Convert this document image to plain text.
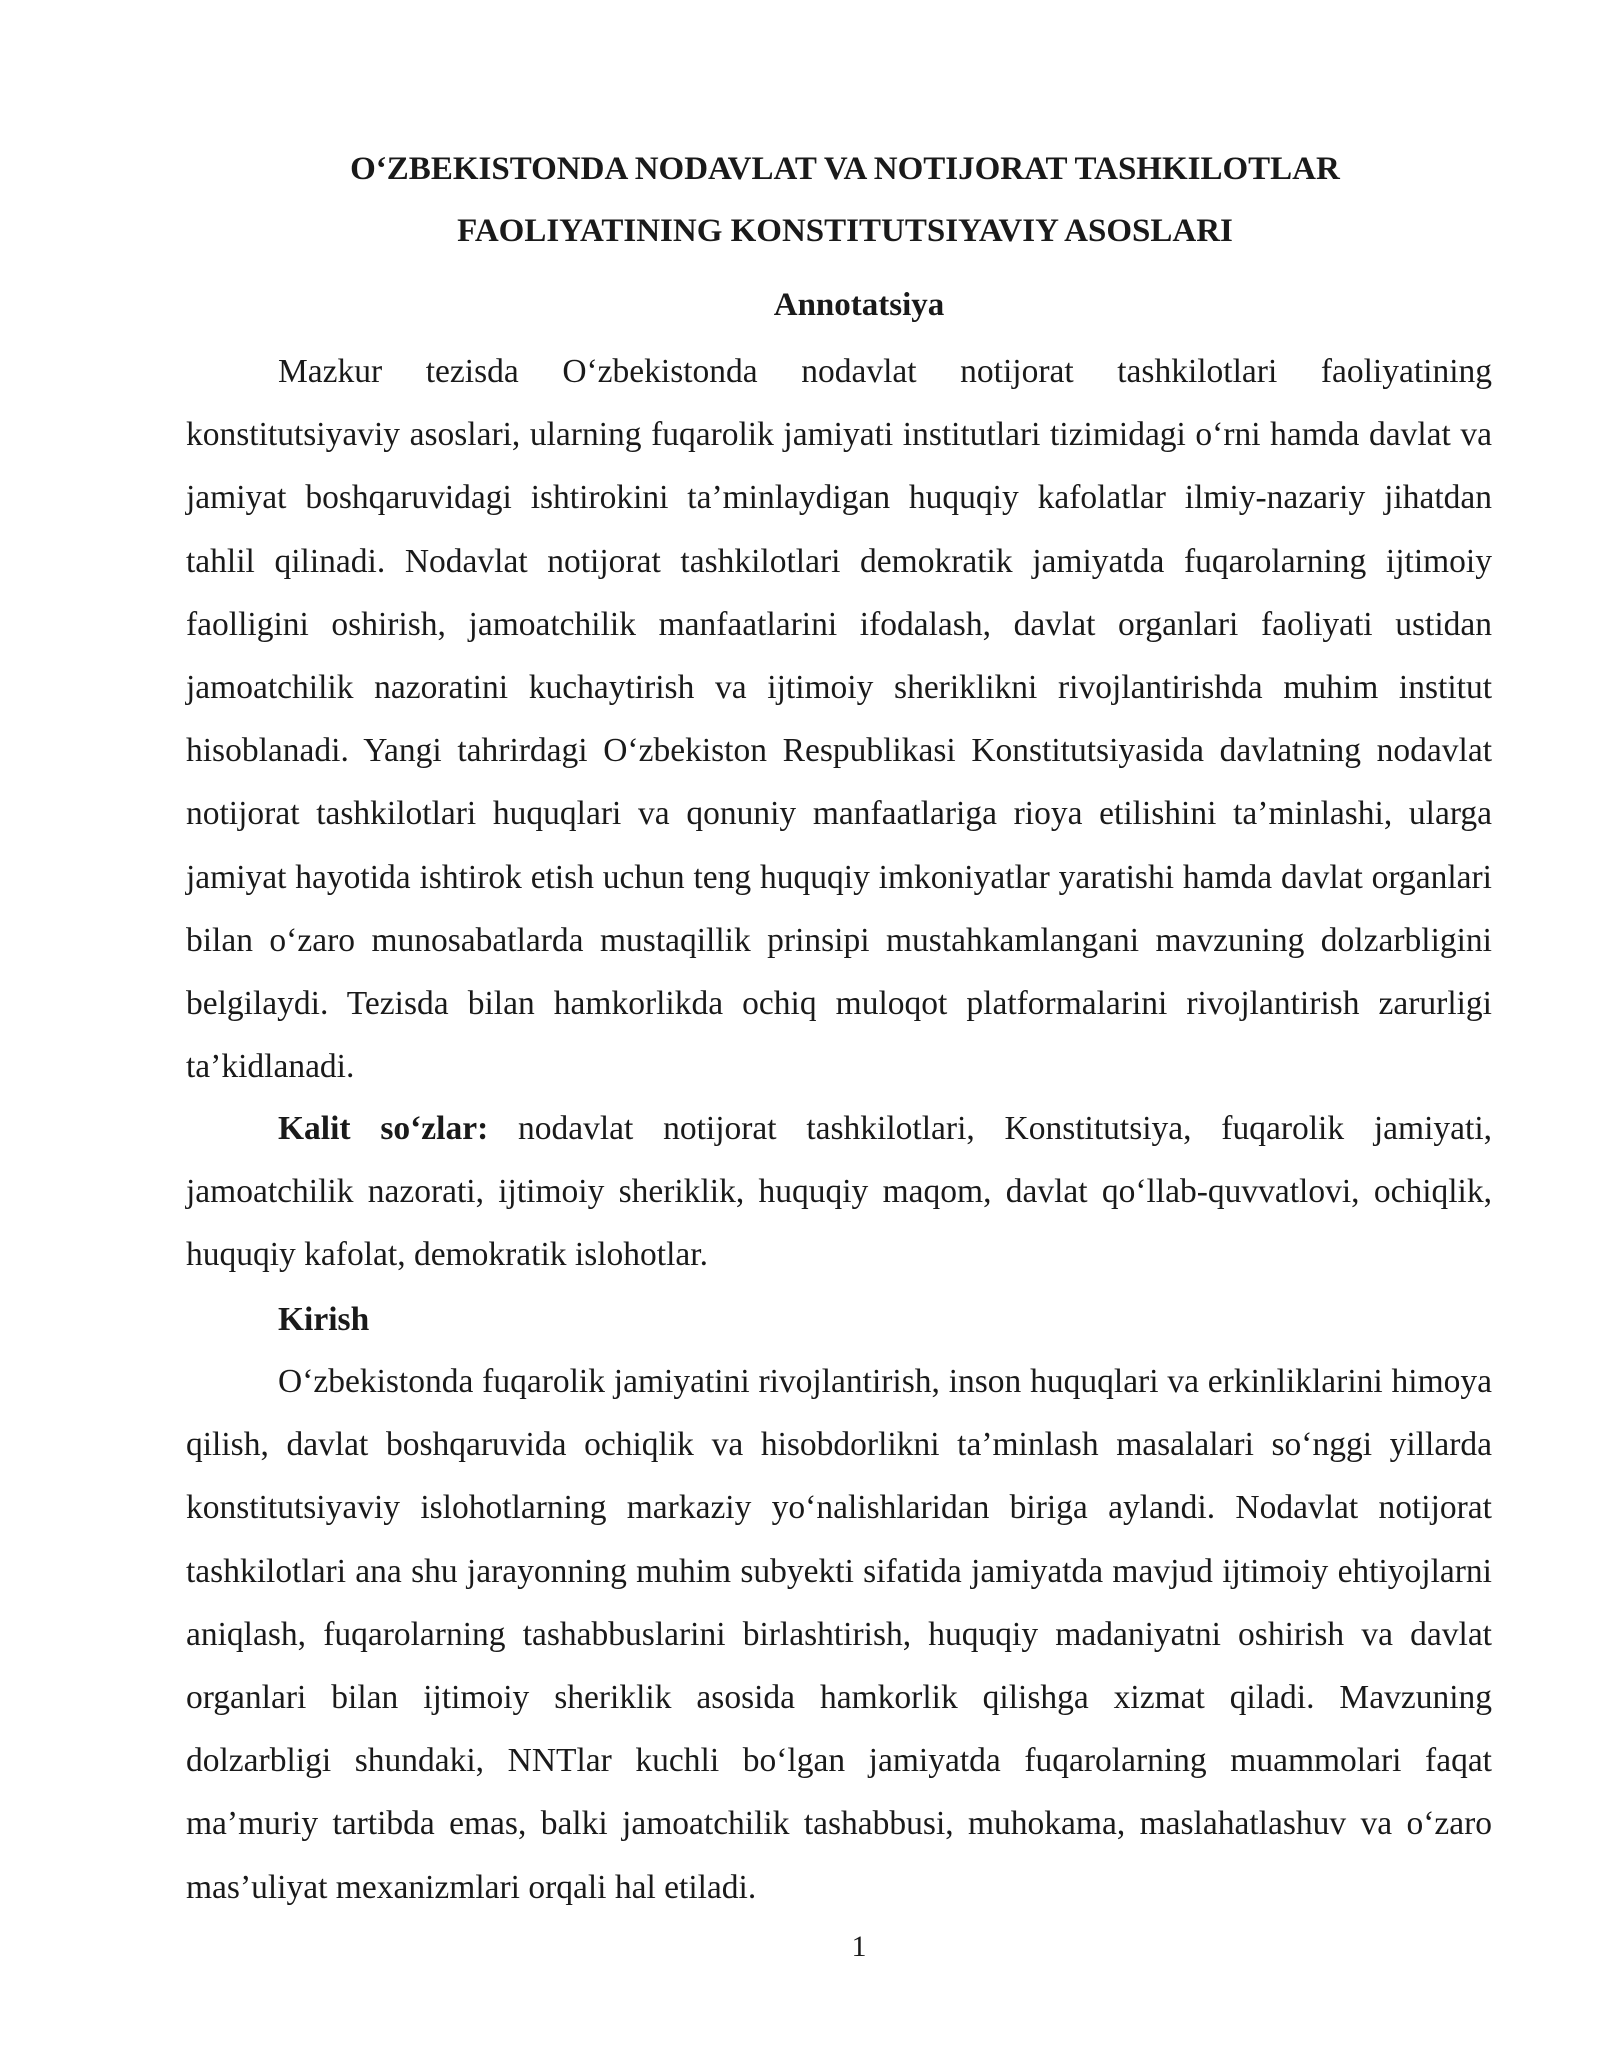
O‘ZBEKISTONDA NODAVLAT VA NOTIJORAT TASHKILOTLAR
FAOLIYATINING KONSTITUTSIYAVIY ASOSLARI
Annotatsiya

Mazkur tezisda O‘zbekistonda nodavlat notijorat tashkilotlari faoliyatining konstitutsiyaviy asoslari, ularning fuqarolik jamiyati institutlari tizimidagi o‘rni hamda davlat va jamiyat boshqaruvidagi ishtirokini ta’minlaydigan huquqiy kafolatlar ilmiy-nazariy jihatdan tahlil qilinadi. Nodavlat notijorat tashkilotlari demokratik jamiyatda fuqarolarning ijtimoiy faolligini oshirish, jamoatchilik manfaatlarini ifodalash, davlat organlari faoliyati ustidan jamoatchilik nazoratini kuchaytirish va ijtimoiy sheriklikni rivojlantirishda muhim institut hisoblanadi. Yangi tahrirdagi O‘zbekiston Respublikasi Konstitutsiyasida davlatning nodavlat notijorat tashkilotlari huquqlari va qonuniy manfaatlariga rioya etilishini ta’minlashi, ularga jamiyat hayotida ishtirok etish uchun teng huquqiy imkoniyatlar yaratishi hamda davlat organlari bilan o‘zaro munosabatlarda mustaqillik prinsipi mustahkamlangani mavzuning dolzarbligini belgilaydi. Tezisda bilan hamkorlikda ochiq muloqot platformalarini rivojlantirish zarurligi ta’kidlanadi.

Kalit so‘zlar: nodavlat notijorat tashkilotlari, Konstitutsiya, fuqarolik jamiyati, jamoatchilik nazorati, ijtimoiy sheriklik, huquqiy maqom, davlat qo‘llab-quvvatlovi, ochiqlik, huquqiy kafolat, demokratik islohotlar.

Kirish

O‘zbekistonda fuqarolik jamiyatini rivojlantirish, inson huquqlari va erkinliklarini himoya qilish, davlat boshqaruvida ochiqlik va hisobdorlikni ta’minlash masalalari so‘nggi yillarda konstitutsiyaviy islohotlarning markaziy yo‘nalishlaridan biriga aylandi. Nodavlat notijorat tashkilotlari ana shu jarayonning muhim subyekti sifatida jamiyatda mavjud ijtimoiy ehtiyojlarni aniqlash, fuqarolarning tashabbuslarini birlashtirish, huquqiy madaniyatni oshirish va davlat organlari bilan ijtimoiy sheriklik asosida hamkorlik qilishga xizmat qiladi. Mavzuning dolzarbligi shundaki, NNTlar kuchli bo‘lgan jamiyatda fuqarolarning muammolari faqat ma’muriy tartibda emas, balki jamoatchilik tashabbusi, muhokama, maslahatlashuv va o‘zaro mas’uliyat mexanizmlari orqali hal etiladi.

1
